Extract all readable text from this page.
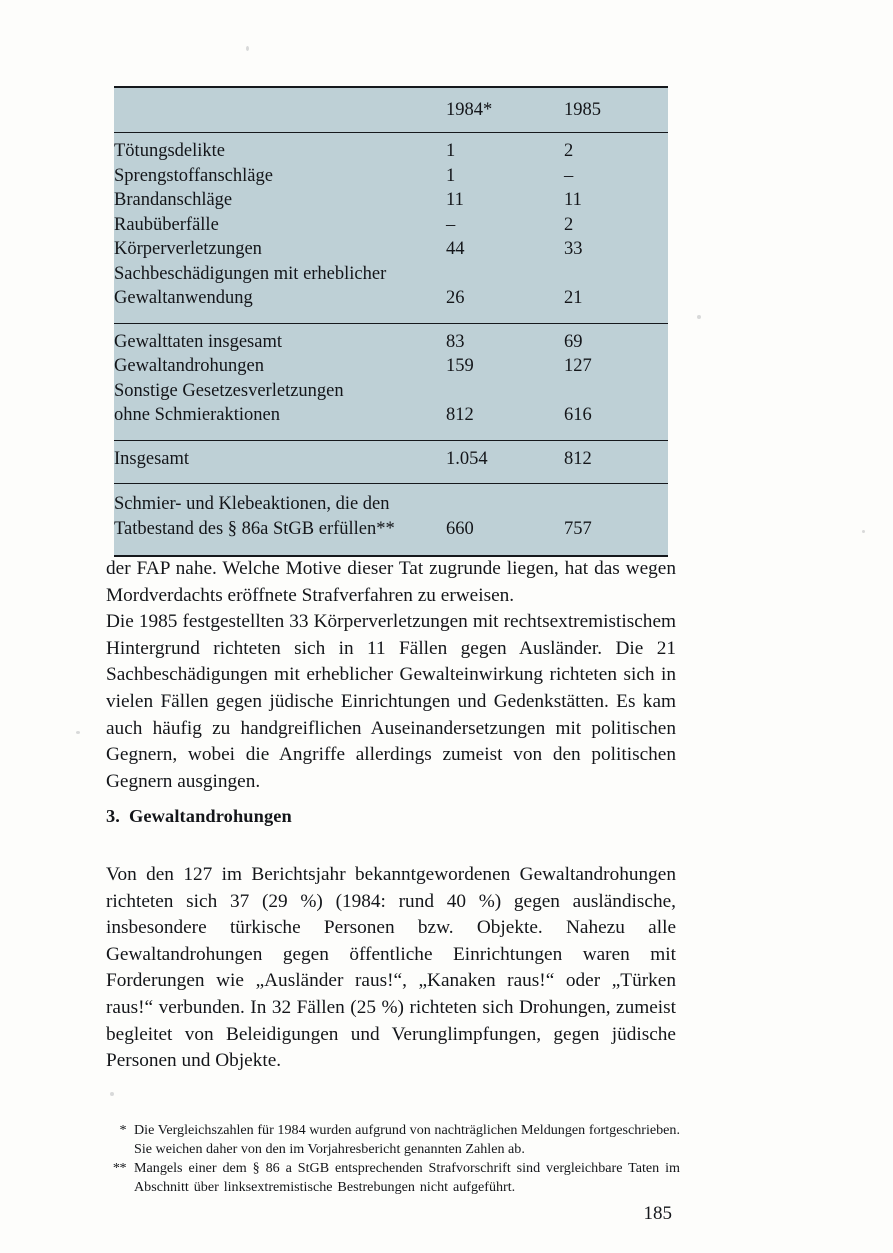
	1984*	1985

Tötungsdelikte	1	2
Sprengstoffanschläge	1	–
Brandanschläge	11	11
Raubüberfälle	–	2
Körperverletzungen	44	33
Sachbeschädigungen mit erheblicher		
Gewaltanwendung	26	21

Gewalttaten insgesamt	83	69
Gewaltandrohungen	159	127
Sonstige Gesetzesverletzungen		
ohne Schmieraktionen	812	616

Insgesamt	1.054	812

Schmier- und Klebeaktionen, die den		
Tatbestand des § 86a StGB erfüllen**	660	757

der FAP nahe. Welche Motive dieser Tat zugrunde liegen, hat das wegen Mordverdachts eröffnete Strafverfahren zu erweisen.

Die 1985 festgestellten 33 Körperverletzungen mit rechtsextremistischem Hintergrund richteten sich in 11 Fällen gegen Ausländer. Die 21 Sachbeschädigungen mit erheblicher Gewalteinwirkung richteten sich in vielen Fällen gegen jüdische Einrichtungen und Gedenkstätten. Es kam auch häufig zu handgreiflichen Auseinandersetzungen mit politischen Gegnern, wobei die Angriffe allerdings zumeist von den politischen Gegnern ausgingen.

3. Gewaltandrohungen

Von den 127 im Berichtsjahr bekanntgewordenen Gewaltandrohungen richteten sich 37 (29 %) (1984: rund 40 %) gegen ausländische, insbesondere türkische Personen bzw. Objekte. Nahezu alle Gewaltandrohungen gegen öffentliche Einrichtungen waren mit Forderungen wie „Ausländer raus!“, „Kanaken raus!“ oder „Türken raus!“ verbunden. In 32 Fällen (25 %) richteten sich Drohungen, zumeist begleitet von Beleidigungen und Verunglimpfungen, gegen jüdische Personen und Objekte.

* Die Vergleichszahlen für 1984 wurden aufgrund von nachträglichen Meldungen fortgeschrieben. Sie weichen daher von den im Vorjahresbericht genannten Zahlen ab.
** Mangels einer dem § 86 a StGB entsprechenden Strafvorschrift sind vergleichbare Taten im Abschnitt über linksextremistische Bestrebungen nicht aufgeführt.
185
